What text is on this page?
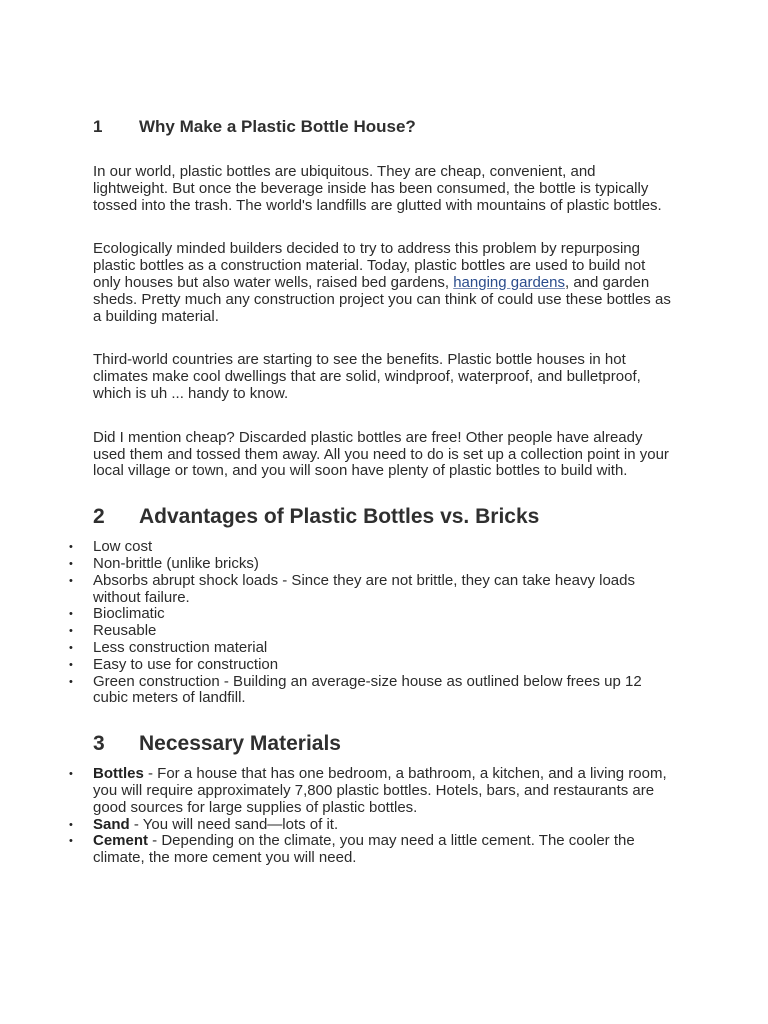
1	Why Make a Plastic Bottle House?

In our world, plastic bottles are ubiquitous. They are cheap, convenient, and lightweight. But once the beverage inside has been consumed, the bottle is typically tossed into the trash. The world's landfills are glutted with mountains of plastic bottles.

Ecologically minded builders decided to try to address this problem by repurposing plastic bottles as a construction material. Today, plastic bottles are used to build not only houses but also water wells, raised bed gardens, hanging gardens, and garden sheds. Pretty much any construction project you can think of could use these bottles as a building material.

Third-world countries are starting to see the benefits. Plastic bottle houses in hot climates make cool dwellings that are solid, windproof, waterproof, and bulletproof, which is uh ... handy to know.

Did I mention cheap? Discarded plastic bottles are free! Other people have already used them and tossed them away. All you need to do is set up a collection point in your local village or town, and you will soon have plenty of plastic bottles to build with.

2	Advantages of Plastic Bottles vs. Bricks
• Low cost
• Non-brittle (unlike bricks)
• Absorbs abrupt shock loads - Since they are not brittle, they can take heavy loads without failure.
• Bioclimatic
• Reusable
• Less construction material
• Easy to use for construction
• Green construction - Building an average-size house as outlined below frees up 12 cubic meters of landfill.
3	Necessary Materials
• Bottles - For a house that has one bedroom, a bathroom, a kitchen, and a living room, you will require approximately 7,800 plastic bottles. Hotels, bars, and restaurants are good sources for large supplies of plastic bottles.
• Sand - You will need sand—lots of it.
• Cement - Depending on the climate, you may need a little cement. The cooler the climate, the more cement you will need.
